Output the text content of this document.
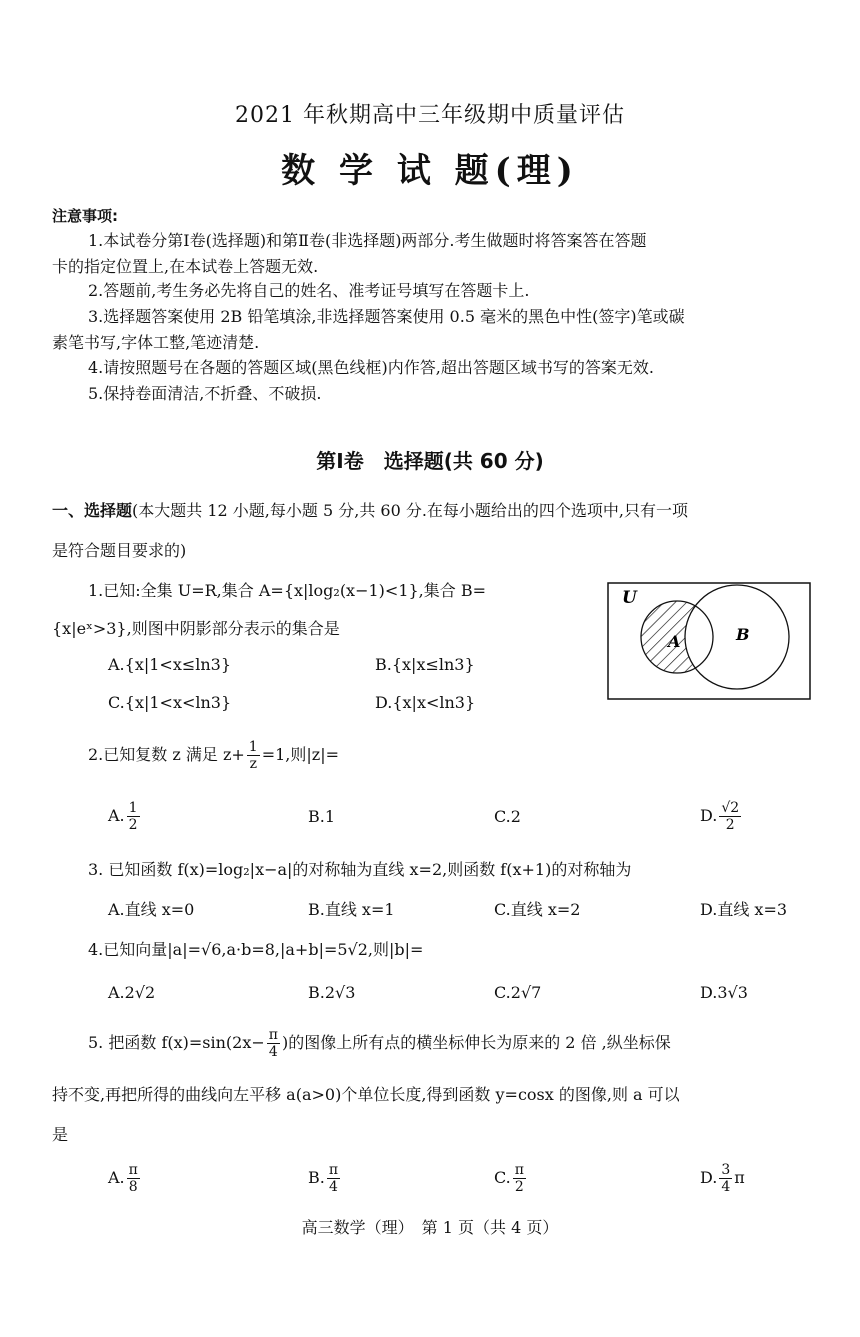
2021 年秋期高中三年级期中质量评估
数 学 试 题(理)
注意事项:
1.本试卷分第Ⅰ卷(选择题)和第Ⅱ卷(非选择题)两部分.考生做题时将答案答在答题
卡的指定位置上,在本试卷上答题无效.
2.答题前,考生务必先将自己的姓名、准考证号填写在答题卡上.
3.选择题答案使用 2B 铅笔填涂,非选择题答案使用 0.5 毫米的黑色中性(签字)笔或碳
素笔书写,字体工整,笔迹清楚.
4.请按照题号在各题的答题区域(黑色线框)内作答,超出答题区域书写的答案无效.
5.保持卷面清洁,不折叠、不破损.
第Ⅰ卷　选择题(共 60 分)
一、选择题(本大题共 12 小题,每小题 5 分,共 60 分.在每小题给出的四个选项中,只有一项
是符合题目要求的)
1.已知:全集 U=R,集合 A={x|log₂(x−1)<1},集合 B=
{x|eˣ>3},则图中阴影部分表示的集合是
A.{x|1<x≤ln3}	B.{x|x≤ln3}
C.{x|1<x<ln3}	D.{x|x<ln3}
U
A	B
2.已知复数 z 满足 $z+ \frac{1}{z} =1$,则|z|=
A. $\frac{1}{2}$	B.1	C.2	D. $\frac{√2}{2}$
3. 已知函数 f(x)=log₂|x−a|的对称轴为直线 x=2,则函数 f(x+1)的对称轴为
A.直线 x=0	B.直线 x=1	C.直线 x=2	D.直线 x=3
4.已知向量|a|=√6,a·b=8,|a+b|=5√2,则|b|=
A.2√2	B.2√3	C.2√7	D.3√3
5. 把函数 $f(x)=\sin(2x- \frac{\pi}{4}$ )的图像上所有点的横坐标伸长为原来的 2 倍 ,纵坐标保
持不变,再把所得的曲线向左平移 a(a>0)个单位长度,得到函数 y=cosx 的图像,则 a 可以
是
A. $\frac{\pi}{8}$	B. $\frac{\pi}{4}$	C. $\frac{\pi}{2}$	D. $\frac{3}{4}$ π
高三数学（理）　第 1 页（共 4 页）
